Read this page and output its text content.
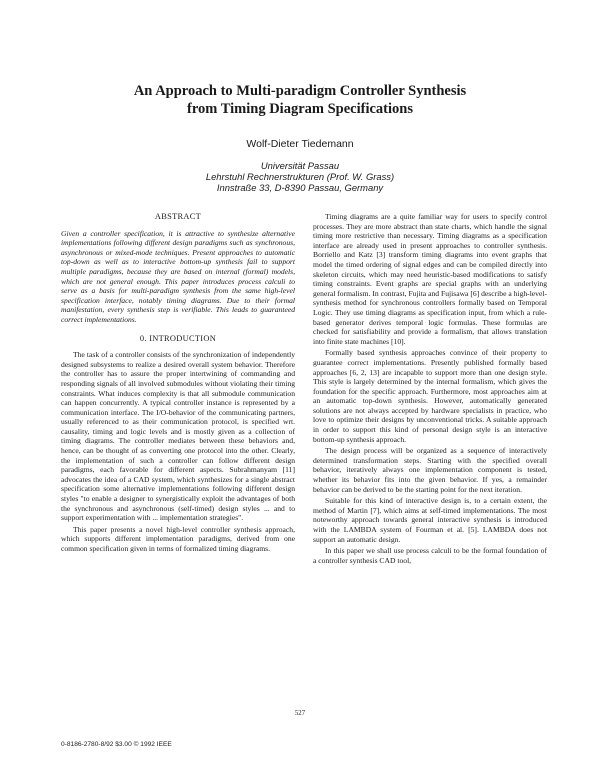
An Approach to Multi-paradigm Controller Synthesis
from Timing Diagram Specifications
Wolf-Dieter Tiedemann
Universität Passau
Lehrstuhl Rechnerstrukturen (Prof. W. Grass)
Innstraße 33, D-8390 Passau, Germany
ABSTRACT

Given a controller specification, it is attractive to synthesize alternative implementations following different design paradigms such as synchronous, asynchronous or mixed-mode techniques. Present approaches to automatic top-down as well as to interactive bottom-up synthesis fail to support multiple paradigms, because they are based on internal (formal) models, which are not general enough. This paper introduces process calculi to serve as a basis for multi-paradigm synthesis from the same high-level specification interface, notably timing diagrams. Due to their formal manifestation, every synthesis step is verifiable. This leads to guaranteed correct implementations.

0. INTRODUCTION

The task of a controller consists of the synchronization of independently designed subsystems to realize a desired overall system behavior. Therefore the controller has to assure the proper intertwining of commanding and responding signals of all involved submodules without violating their timing constraints. What induces complexity is that all submodule communication can happen concurrently. A typical controller instance is represented by a communication interface. The I/O-behavior of the communicating partners, usually referenced to as their communication protocol, is specified wrt. causality, timing and logic levels and is mostly given as a collection of timing diagrams. The controller mediates between these behaviors and, hence, can be thought of as converting one protocol into the other. Clearly, the implementation of such a controller can follow different design paradigms, each favorable for different aspects. Subrahmanyam [11] advocates the idea of a CAD system, which synthesizes for a single abstract specification some alternative implementations following different design styles "to enable a designer to synergistically exploit the advantages of both the synchronous and asynchronous (self-timed) design styles ... and to support experimentation with ... implementation strategies".

This paper presents a novel high-level controller synthesis approach, which supports different implementation paradigms, derived from one common specification given in terms of formalized timing diagrams.

Timing diagrams are a quite familiar way for users to specify control processes. They are more abstract than state charts, which handle the signal timing more restrictive than necessary. Timing diagrams as a specification interface are already used in present approaches to controller synthesis. Borriello and Katz [3] transform timing diagrams into event graphs that model the timed ordering of signal edges and can be compiled directly into skeleton circuits, which may need heuristic-based modifications to satisfy timing constraints. Event graphs are special graphs with an underlying general formalism. In contrast, Fujita and Fujisawa [6] describe a high-level-synthesis method for synchronous controllers formally based on Temporal Logic. They use timing diagrams as specification input, from which a rule-based generator derives temporal logic formulas. These formulas are checked for satisfiability and provide a formalism, that allows translation into finite state machines [10].

Formally based synthesis approaches convince of their property to guarantee correct implementations. Presently published formally based approaches [6, 2, 13] are incapable to support more than one design style. This style is largely determined by the internal formalism, which gives the foundation for the specific approach. Furthermore, most approaches aim at an automatic top-down synthesis. However, automatically generated solutions are not always accepted by hardware specialists in practice, who love to optimize their designs by unconventional tricks. A suitable approach in order to support this kind of personal design style is an interactive bottom-up synthesis approach.

The design process will be organized as a sequence of interactively determined transformation steps. Starting with the specified overall behavior, iteratively always one implementation component is tested, whether its behavior fits into the given behavior. If yes, a remainder behavior can be derived to be the starting point for the next iteration.

Suitable for this kind of interactive design is, to a certain extent, the method of Martin [7], which aims at self-timed implementations. The most noteworthy approach towards general interactive synthesis is introduced with the LAMBDA system of Fourman et al. [5]. LAMBDA does not support an automatic design.

In this paper we shall use process calculi to be the formal foundation of a controller synthesis CAD tool,

527
0-8186-2780-8/92 $3.00 © 1992 IEEE
